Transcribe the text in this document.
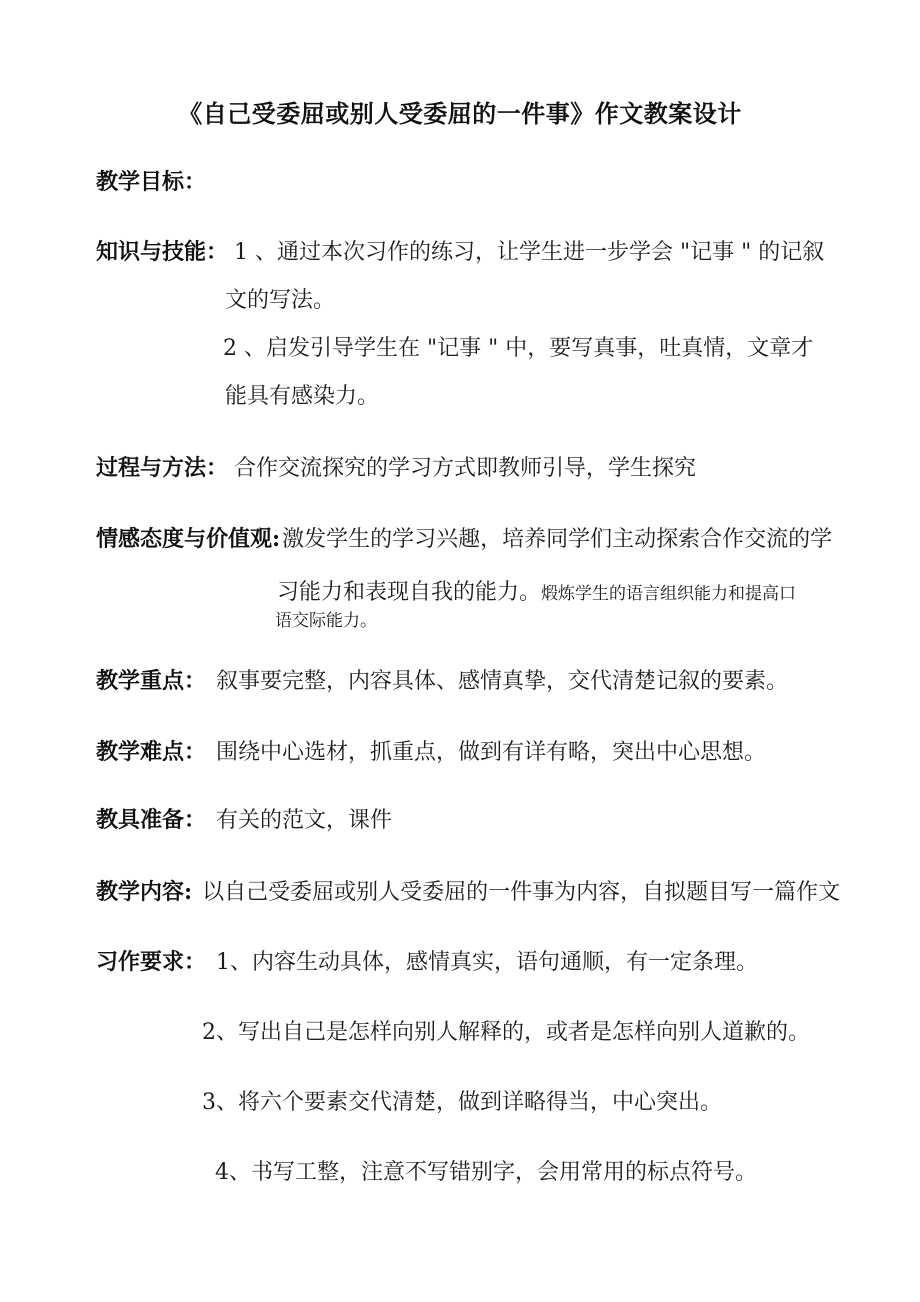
《自己受委屈或别人受委屈的一件事》作文教案设计
教学目标：
知识与技能： 1 、通过本次习作的练习，让学生进一步学会 "记事 " 的记叙
文的写法。
2 、启发引导学生在 "记事 " 中，要写真事，吐真情，文章才
能具有感染力。
过程与方法： 合作交流探究的学习方式即教师引导，学生探究
情感态度与价值观:激发学生的学习兴趣，培养同学们主动探索合作交流的学
习能力和表现自我的能力。煅炼学生的语言组织能力和提高口
语交际能力。
教学重点： 叙事要完整，内容具体、感情真挚，交代清楚记叙的要素。
教学难点： 围绕中心选材，抓重点，做到有详有略，突出中心思想。
教具准备： 有关的范文，课件
教学内容: 以自己受委屈或别人受委屈的一件事为内容，自拟题目写一篇作文
习作要求： 1、内容生动具体，感情真实，语句通顺，有一定条理。
2、写出自己是怎样向别人解释的，或者是怎样向别人道歉的。
3、将六个要素交代清楚，做到详略得当，中心突出。
4、书写工整，注意不写错别字，会用常用的标点符号。
